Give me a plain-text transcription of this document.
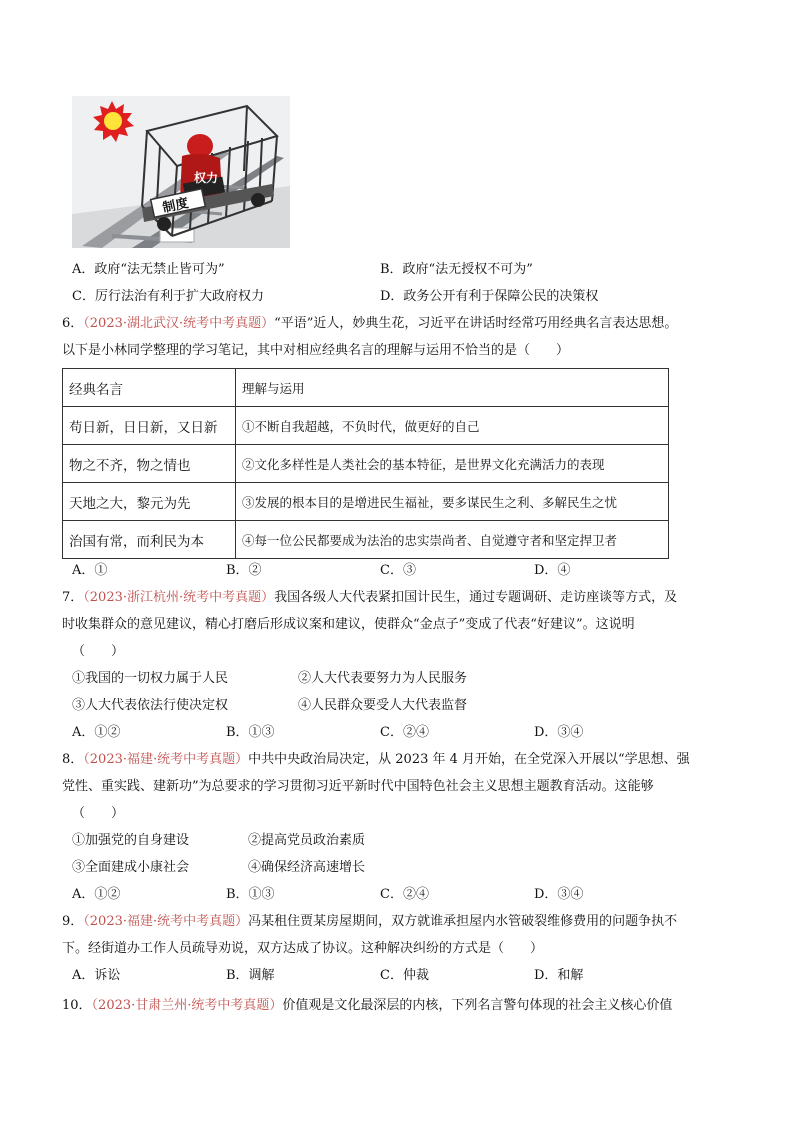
权力
制度
A．政府“法无禁止皆可为”	B．政府“法无授权不可为”
C．厉行法治有利于扩大政府权力	D．政务公开有利于保障公民的决策权
6．（2023·湖北武汉·统考中考真题）“平语”近人，妙典生花，习近平在讲话时经常巧用经典名言表达思想。
以下是小林同学整理的学习笔记，其中对相应经典名言的理解与运用不恰当的是（　　）
经典名言	理解与运用
苟日新，日日新，又日新	①不断自我超越，不负时代，做更好的自己
物之不齐，物之情也	②文化多样性是人类社会的基本特征，是世界文化充满活力的表现
天地之大，黎元为先	③发展的根本目的是增进民生福祉，要多谋民生之利、多解民生之忧
治国有常，而利民为本	④每一位公民都要成为法治的忠实崇尚者、自觉遵守者和坚定捍卫者
A．①	B．②	C．③	D．④
7．（2023·浙江杭州·统考中考真题）我国各级人大代表紧扣国计民生，通过专题调研、走访座谈等方式，及
时收集群众的意见建议，精心打磨后形成议案和建议，使群众“金点子”变成了代表“好建议”。这说明
（　　）
①我国的一切权力属于人民	②人大代表要努力为人民服务
③人大代表依法行使决定权	④人民群众要受人大代表监督
A．①②	B．①③	C．②④	D．③④
8．（2023·福建·统考中考真题）中共中央政治局决定，从 2023 年 4 月开始，在全党深入开展以“学思想、强
党性、重实践、建新功”为总要求的学习贯彻习近平新时代中国特色社会主义思想主题教育活动。这能够
（　　）
①加强党的自身建设	②提高党员政治素质
③全面建成小康社会	④确保经济高速增长
A．①②	B．①③	C．②④	D．③④
9．（2023·福建·统考中考真题）冯某租住贾某房屋期间，双方就谁承担屋内水管破裂维修费用的问题争执不
下。经街道办工作人员疏导劝说，双方达成了协议。这种解决纠纷的方式是（　　）
A．诉讼	B．调解	C．仲裁	D．和解
10．（2023·甘肃兰州·统考中考真题）价值观是文化最深层的内核，下列名言警句体现的社会主义核心价值
